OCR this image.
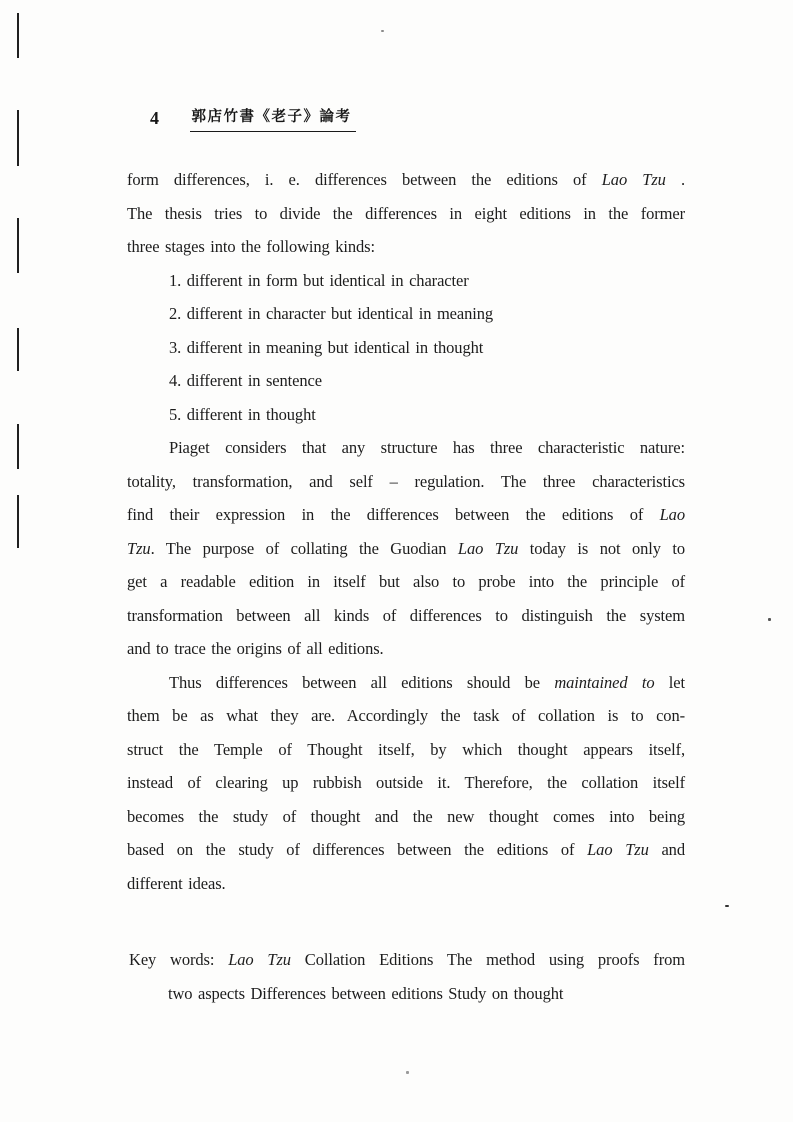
4 郭店竹書《老子》論考
form differences, i. e. differences between the editions of Lao Tzu .
The thesis tries to divide the differences in eight editions in the former
three stages into the following kinds:
1. different in form but identical in character
2. different in character but identical in meaning
3. different in meaning but identical in thought
4. different in sentence
5. different in thought
Piaget considers that any structure has three characteristic nature:
totality, transformation, and self – regulation. The three characteristics
find their expression in the differences between the editions of Lao
Tzu. The purpose of collating the Guodian Lao Tzu today is not only to
get a readable edition in itself but also to probe into the principle of
transformation between all kinds of differences to distinguish the system
and to trace the origins of all editions.
Thus differences between all editions should be maintained to let
them be as what they are. Accordingly the task of collation is to con-
struct the Temple of Thought itself, by which thought appears itself,
instead of clearing up rubbish outside it. Therefore, the collation itself
becomes the study of thought and the new thought comes into being
based on the study of differences between the editions of Lao Tzu and
different ideas.
Key words: Lao Tzu Collation Editions The method using proofs from
two aspects Differences between editions Study on thought
